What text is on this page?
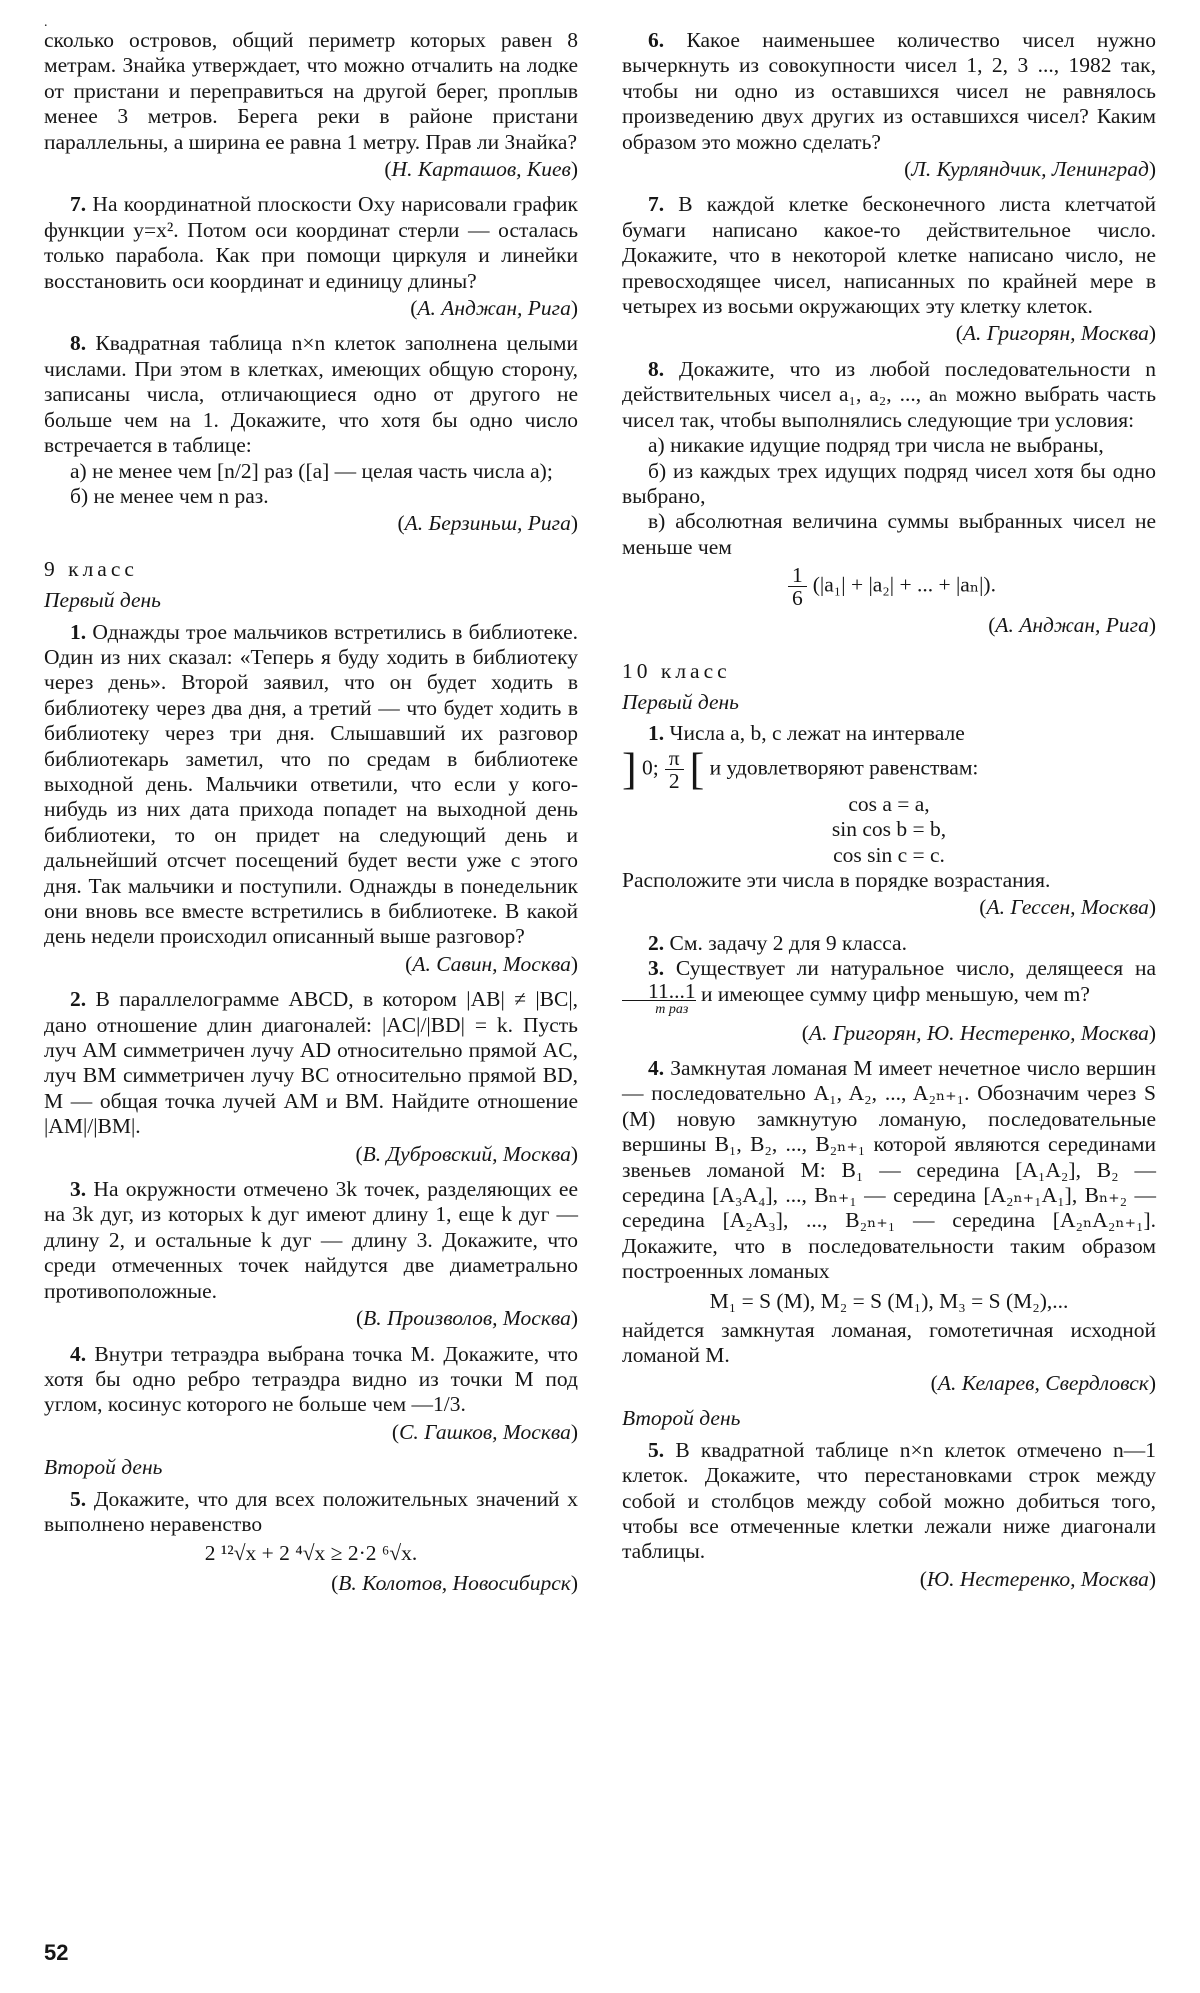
.

сколько островов, общий периметр которых равен 8 метрам. Знайка утверждает, что можно отчалить на лодке от пристани и переправиться на другой берег, проплыв менее 3 метров. Берега реки в районе пристани параллельны, а ширина ее равна 1 метру. Прав ли Знайка?

(Н. Карташов, Киев)

7. На координатной плоскости Oxy нарисовали график функции y=x². Потом оси координат стерли — осталась только парабола. Как при помощи циркуля и линейки восстановить оси координат и единицу длины?

(А. Анджан, Рига)

8. Квадратная таблица n×n клеток заполнена целыми числами. При этом в клетках, имеющих общую сторону, записаны числа, отличающиеся одно от другого не больше чем на 1. Докажите, что хотя бы одно число встречается в таблице:

а) не менее чем [n/2] раз ([a] — целая часть числа a);

б) не менее чем n раз.

(А. Берзиньш, Рига)

9 класс

Первый день

1. Однажды трое мальчиков встретились в библиотеке. Один из них сказал: «Теперь я буду ходить в библиотеку через день». Второй заявил, что он будет ходить в библиотеку через два дня, а третий — что будет ходить в библиотеку через три дня. Слышавший их разговор библиотекарь заметил, что по средам в библиотеке выходной день. Мальчики ответили, что если у кого-нибудь из них дата прихода попадет на выходной день библиотеки, то он придет на следующий день и дальнейший отсчет посещений будет вести уже с этого дня. Так мальчики и поступили. Однажды в понедельник они вновь все вместе встретились в библиотеке. В какой день недели происходил описанный выше разговор?

(А. Савин, Москва)

2. В параллелограмме ABCD, в котором |AB| ≠ |BC|, дано отношение длин диагоналей: |AC|/|BD| = k. Пусть луч AM симметричен лучу AD относительно прямой AC, луч BM симметричен лучу BC относительно прямой BD, M — общая точка лучей AM и BM. Найдите отношение |AM|/|BM|.

(В. Дубровский, Москва)

3. На окружности отмечено 3k точек, разделяющих ее на 3k дуг, из которых k дуг имеют длину 1, еще k дуг — длину 2, и остальные k дуг — длину 3. Докажите, что среди отмеченных точек найдутся две диаметрально противоположные.

(В. Произволов, Москва)

4. Внутри тетраэдра выбрана точка M. Докажите, что хотя бы одно ребро тетраэдра видно из точки M под углом, косинус которого не больше чем —1/3.

(С. Гашков, Москва)

Второй день

5. Докажите, что для всех положительных значений x выполнено неравенство

2 ¹²√x + 2 ⁴√x ≥ 2·2 ⁶√x.

(В. Колотов, Новосибирск)

6. Какое наименьшее количество чисел нужно вычеркнуть из совокупности чисел 1, 2, 3 ..., 1982 так, чтобы ни одно из оставшихся чисел не равнялось произведению двух других из оставшихся чисел? Каким образом это можно сделать?

(Л. Курляндчик, Ленинград)

7. В каждой клетке бесконечного листа клетчатой бумаги написано какое-то действительное число. Докажите, что в некоторой клетке написано число, не превосходящее чисел, написанных по крайней мере в четырех из восьми окружающих эту клетку клеток.

(А. Григорян, Москва)

8. Докажите, что из любой последовательности n действительных чисел a₁, a₂, ..., aₙ можно выбрать часть чисел так, чтобы выполнялись следующие три условия:

а) никакие идущие подряд три числа не выбраны,

б) из каждых трех идущих подряд чисел хотя бы одно выбрано,

в) абсолютная величина суммы выбранных чисел не меньше чем

$\frac{1}{6} (|a_1| + |a_2|$ + ... + |aₙ|).

(А. Анджан, Рига)

10 класс

Первый день

1. Числа a, b, c лежат на интервале

] 0; $\frac{\pi}{2}$ [ и удовлетворяют равенствам:

cos a = a,

sin cos b = b,

cos sin c = c.

Расположите эти числа в порядке возрастания.

(А. Гессен, Москва)

2. См. задачу 2 для 9 класса.

3. Существует ли натуральное число, делящееся на
11...1
m раз
и имеющее сумму цифр меньшую, чем m?

(А. Григорян, Ю. Нестеренко, Москва)

4. Замкнутая ломаная M имеет нечетное число вершин — последовательно A₁, A₂, ..., A₂ₙ₊₁. Обозначим через S (M) новую замкнутую ломаную, последовательные вершины B₁, B₂, ..., B₂ₙ₊₁ которой являются серединами звеньев ломаной M: B₁ — середина [A₁A₂], B₂ — середина [A₃A₄], ..., Bₙ₊₁ — середина [A₂ₙ₊₁A₁], Bₙ₊₂ — середина [A₂A₃], ..., B₂ₙ₊₁ — середина [A₂ₙA₂ₙ₊₁]. Докажите, что в последовательности таким образом построенных ломаных

M₁ = S (M), M₂ = S (M₁), M₃ = S (M₂),...

найдется замкнутая ломаная, гомотетичная исходной ломаной M.

(А. Келарев, Свердловск)

Второй день

5. В квадратной таблице n×n клеток отмечено n—1 клеток. Докажите, что перестановками строк между собой и столбцов между собой можно добиться того, чтобы все отмеченные клетки лежали ниже диагонали таблицы.

(Ю. Нестеренко, Москва)

52
